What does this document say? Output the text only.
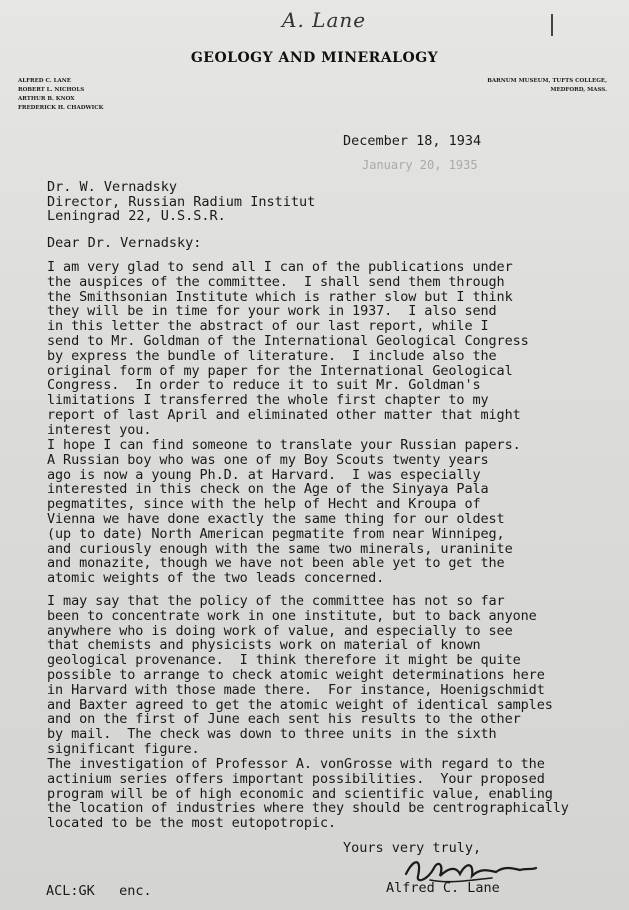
A. Lane
GEOLOGY AND MINERALOGY
ALFRED C. LANE
ROBERT L. NICHOLS
ARTHUR B. KNOX
FREDERICK H. CHADWICK
BARNUM MUSEUM, TUFTS COLLEGE,
MEDFORD, MASS.
December 18, 1934
January 20, 1935
Dr. W. Vernadsky
Director, Russian Radium Institut
Leningrad 22, U.S.S.R.
Dear Dr. Vernadsky:
I am very glad to send all I can of the publications under
the auspices of the committee.  I shall send them through
the Smithsonian Institute which is rather slow but I think
they will be in time for your work in 1937.  I also send
in this letter the abstract of our last report, while I
send to Mr. Goldman of the International Geological Congress
by express the bundle of literature.  I include also the
original form of my paper for the International Geological
Congress.  In order to reduce it to suit Mr. Goldman's
limitations I transferred the whole first chapter to my
report of last April and eliminated other matter that might
interest you.
I hope I can find someone to translate your Russian papers.
A Russian boy who was one of my Boy Scouts twenty years
ago is now a young Ph.D. at Harvard.  I was especially
interested in this check on the Age of the Sinyaya Pala
pegmatites, since with the help of Hecht and Kroupa of
Vienna we have done exactly the same thing for our oldest
(up to date) North American pegmatite from near Winnipeg,
and curiously enough with the same two minerals, uraninite
and monazite, though we have not been able yet to get the
atomic weights of the two leads concerned.
I may say that the policy of the committee has not so far
been to concentrate work in one institute, but to back anyone
anywhere who is doing work of value, and especially to see
that chemists and physicists work on material of known
geological provenance.  I think therefore it might be quite
possible to arrange to check atomic weight determinations here
in Harvard with those made there.  For instance, Hoenigschmidt
and Baxter agreed to get the atomic weight of identical samples
and on the first of June each sent his results to the other
by mail.  The check was down to three units in the sixth
significant figure.
The investigation of Professor A. vonGrosse with regard to the
actinium series offers important possibilities.  Your proposed
program will be of high economic and scientific value, enabling
the location of industries where they should be centrographically
located to be the most eutopotropic.
Yours very truly,
Alfred C. Lane
ACL:GK   enc.
